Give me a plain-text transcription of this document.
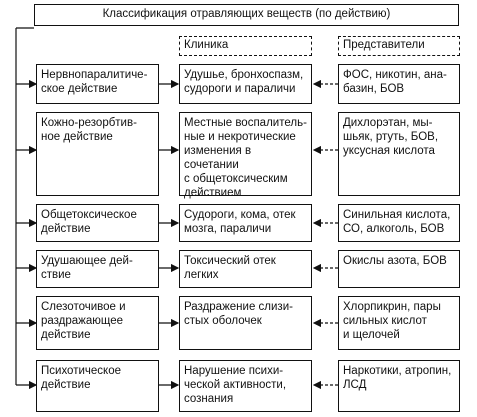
Классификация отравляющих веществ (по действию)
Клиника	Представители
Нервнопаралитиче-
ское действие
Удушье, бронхоспазм,
судороги и параличи
ФОС, никотин, ана-
базин, БОВ
Кожно-резорбтив-
ное действие
Местные воспалитель-
ные и некротические
изменения в сочетании
с общетоксическим
действием
Дихлорэтан, мы-
шьяк, ртуть, БОВ,
уксусная кислота
Общетоксическое
действие
Судороги, кома, отек
мозга, параличи
Синильная кислота,
СО, алкоголь, БОВ
Удушающее дей-
ствие
Токсический отек
легких
Окислы азота, БОВ
Слезоточивое и
раздражающее
действие
Раздражение слизи-
стых оболочек
Хлорпикрин, пары
сильных кислот
и щелочей
Психотическое
действие
Нарушение психи-
ческой активности,
сознания
Наркотики, атропин,
ЛСД
